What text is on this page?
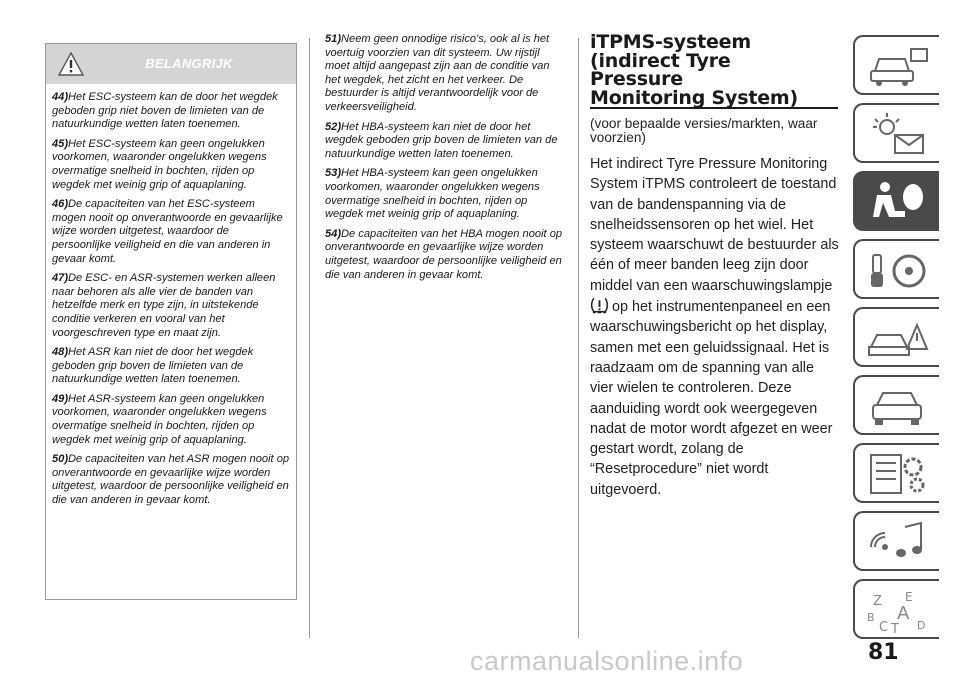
BELANGRIJK

44)Het ESC-systeem kan de door het wegdek geboden grip niet boven de limieten van de natuurkundige wetten laten toenemen.

45)Het ESC-systeem kan geen ongelukken voorkomen, waaronder ongelukken wegens overmatige snelheid in bochten, rijden op wegdek met weinig grip of aquaplaning.

46)De capaciteiten van het ESC-systeem mogen nooit op onverantwoorde en gevaarlijke wijze worden uitgetest, waardoor de persoonlijke veiligheid en die van anderen in gevaar komt.

47)De ESC- en ASR-systemen werken alleen naar behoren als alle vier de banden van hetzelfde merk en type zijn, in uitstekende conditie verkeren en vooral van het voorgeschreven type en maat zijn.

48)Het ASR kan niet de door het wegdek geboden grip boven de limieten van de natuurkundige wetten laten toenemen.

49)Het ASR-systeem kan geen ongelukken voorkomen, waaronder ongelukken wegens overmatige snelheid in bochten, rijden op wegdek met weinig grip of aquaplaning.

50)De capaciteiten van het ASR mogen nooit op onverantwoorde en gevaarlijke wijze worden uitgetest, waardoor de persoonlijke veiligheid en die van anderen in gevaar komt.

51)Neem geen onnodige risico's, ook al is het voertuig voorzien van dit systeem. Uw rijstijl moet altijd aangepast zijn aan de conditie van het wegdek, het zicht en het verkeer. De bestuurder is altijd verantwoordelijk voor de verkeersveiligheid.

52)Het HBA-systeem kan niet de door het wegdek geboden grip boven de limieten van de natuurkundige wetten laten toenemen.

53)Het HBA-systeem kan geen ongelukken voorkomen, waaronder ongelukken wegens overmatige snelheid in bochten, rijden op wegdek met weinig grip of aquaplaning.

54)De capaciteiten van het HBA mogen nooit op onverantwoorde en gevaarlijke wijze worden uitgetest, waardoor de persoonlijke veiligheid en die van anderen in gevaar komt.

iTPMS-systeem
(indirect Tyre
Pressure
Monitoring System)

(voor bepaalde versies/markten, waar voorzien)

Het indirect Tyre Pressure Monitoring System iTPMS controleert de toestand van de bandenspanning via de snelheidssensoren op het wiel. Het systeem waarschuwt de bestuurder als één of meer banden leeg zijn door middel van een waarschuwingslampje
op het instrumentenpaneel en een waarschuwingsbericht op het display, samen met een geluidssignaal. Het is raadzaam om de spanning van alle vier wielen te controleren. Deze aanduiding wordt ook weergegeven nadat de motor wordt afgezet en weer gestart wordt, zolang de “Resetprocedure” niet wordt uitgevoerd.

Z E
B A
C T D
carmanualsonline.info	81
